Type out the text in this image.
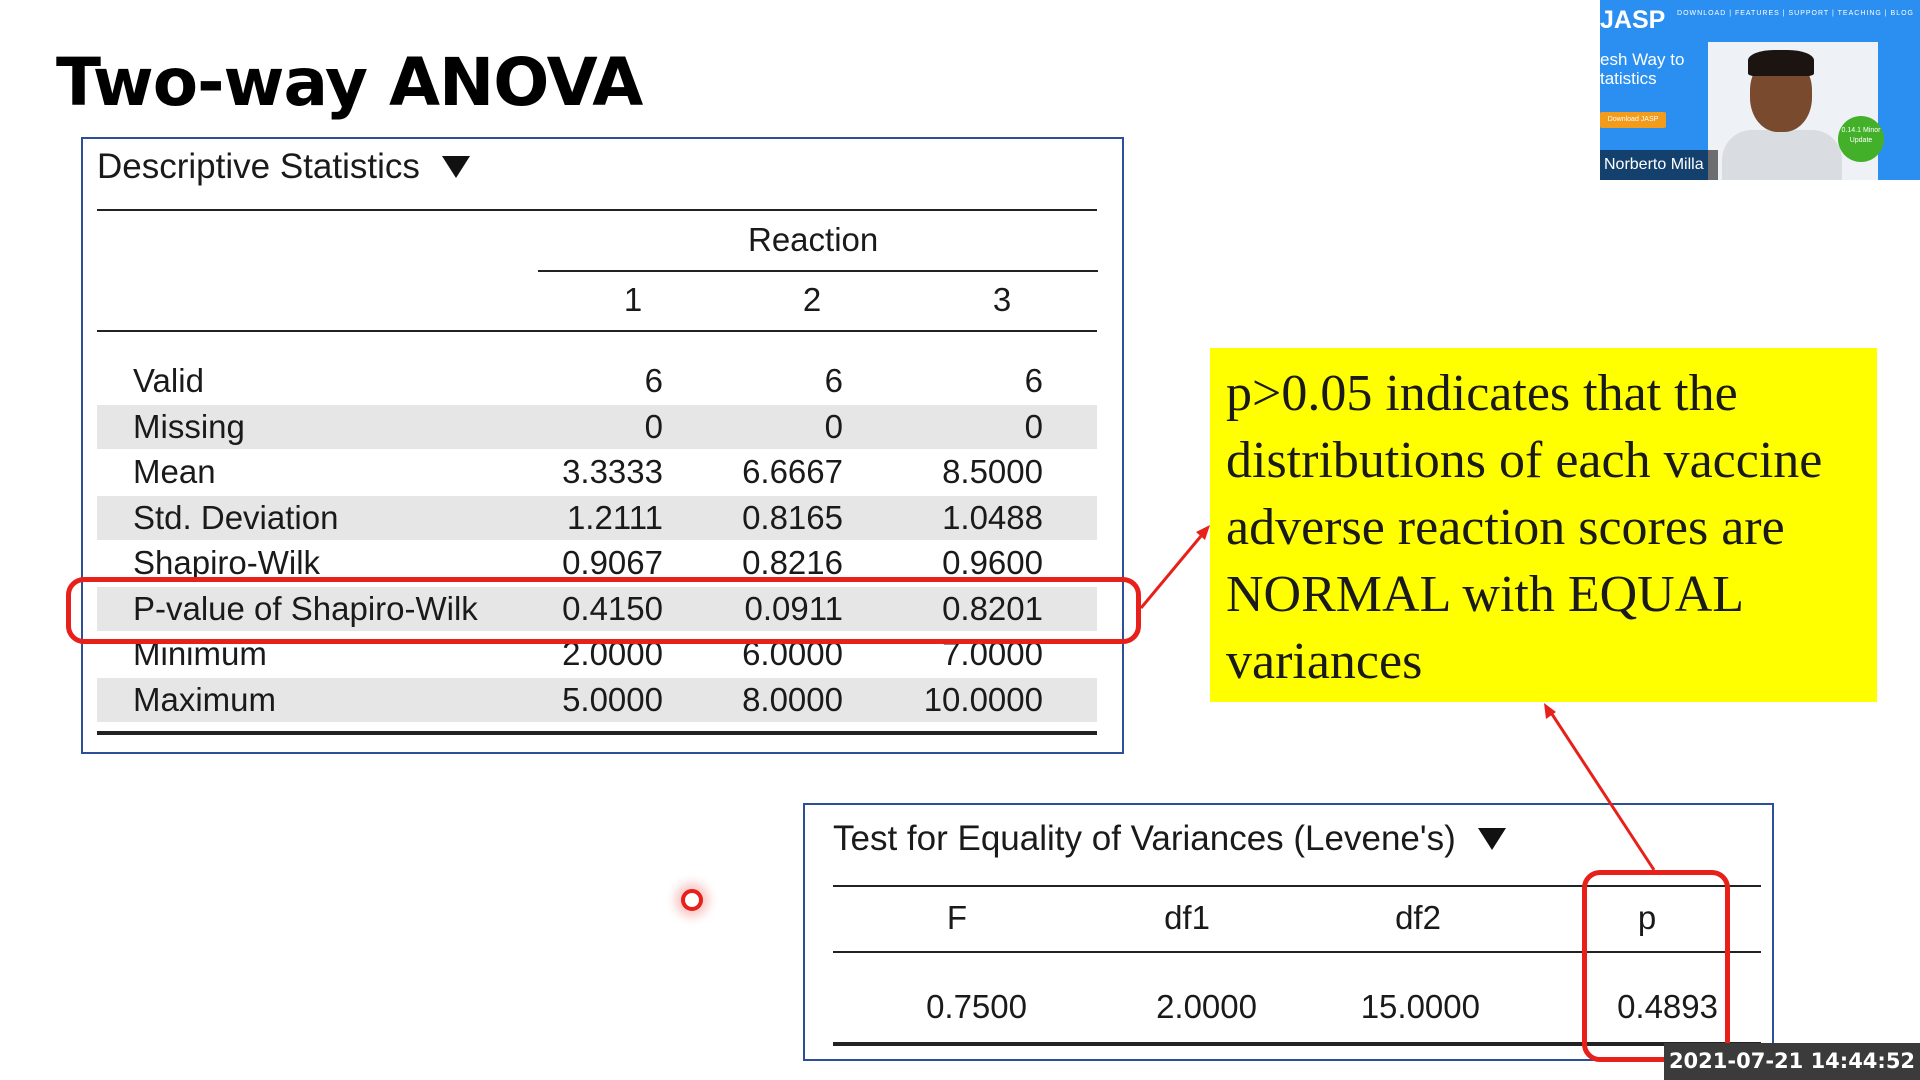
Two-way ANOVA
Descriptive Statistics
Reaction
1	2	3
Valid	6	6	6
Missing	0	0	0
Mean	3.3333	6.6667	8.5000
Std. Deviation	1.2111	0.8165	1.0488
Shapiro-Wilk	0.9067	0.8216	0.9600
P-value of Shapiro-Wilk	0.4150	0.0911	0.8201
Minimum	2.0000	6.0000	7.0000
Maximum	5.0000	8.0000	10.0000
Test for Equality of Variances (Levene's)
F	df1	df2	p
0.7500	2.0000	15.0000	0.4893
p>0.05 indicates that the distributions of each vaccine adverse reaction scores are NORMAL with EQUAL variances
JASP DOWNLOAD | FEATURES | SUPPORT | TEACHING | BLOG
esh Way to tatistics
Download JASP
0.14.1 Minor Update
Norberto Milla
2021-07-21 14:44:52
